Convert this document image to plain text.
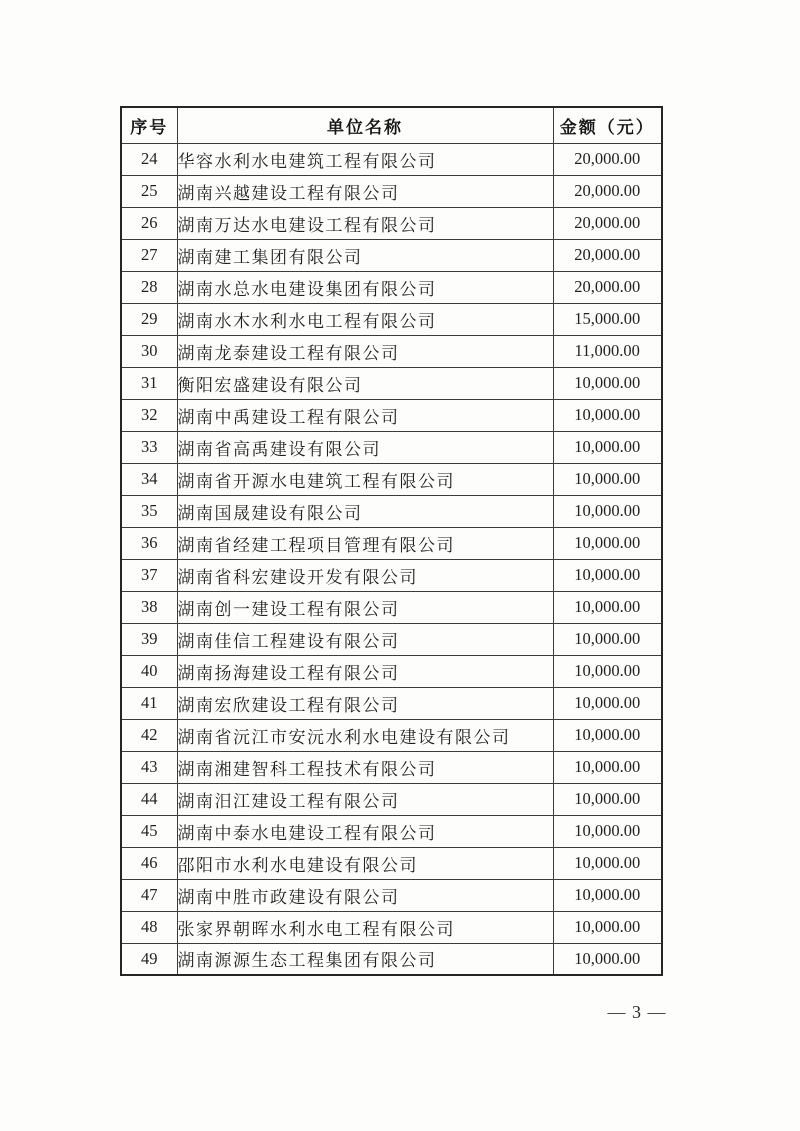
序号	单位名称	金额（元）
24	华容水利水电建筑工程有限公司	20,000.00
25	湖南兴越建设工程有限公司	20,000.00
26	湖南万达水电建设工程有限公司	20,000.00
27	湖南建工集团有限公司	20,000.00
28	湖南水总水电建设集团有限公司	20,000.00
29	湖南水木水利水电工程有限公司	15,000.00
30	湖南龙泰建设工程有限公司	11,000.00
31	衡阳宏盛建设有限公司	10,000.00
32	湖南中禹建设工程有限公司	10,000.00
33	湖南省高禹建设有限公司	10,000.00
34	湖南省开源水电建筑工程有限公司	10,000.00
35	湖南国晟建设有限公司	10,000.00
36	湖南省经建工程项目管理有限公司	10,000.00
37	湖南省科宏建设开发有限公司	10,000.00
38	湖南创一建设工程有限公司	10,000.00
39	湖南佳信工程建设有限公司	10,000.00
40	湖南扬海建设工程有限公司	10,000.00
41	湖南宏欣建设工程有限公司	10,000.00
42	湖南省沅江市安沅水利水电建设有限公司	10,000.00
43	湖南湘建智科工程技术有限公司	10,000.00
44	湖南汨江建设工程有限公司	10,000.00
45	湖南中泰水电建设工程有限公司	10,000.00
46	邵阳市水利水电建设有限公司	10,000.00
47	湖南中胜市政建设有限公司	10,000.00
48	张家界朝晖水利水电工程有限公司	10,000.00
49	湖南源源生态工程集团有限公司	10,000.00
— 3 —
